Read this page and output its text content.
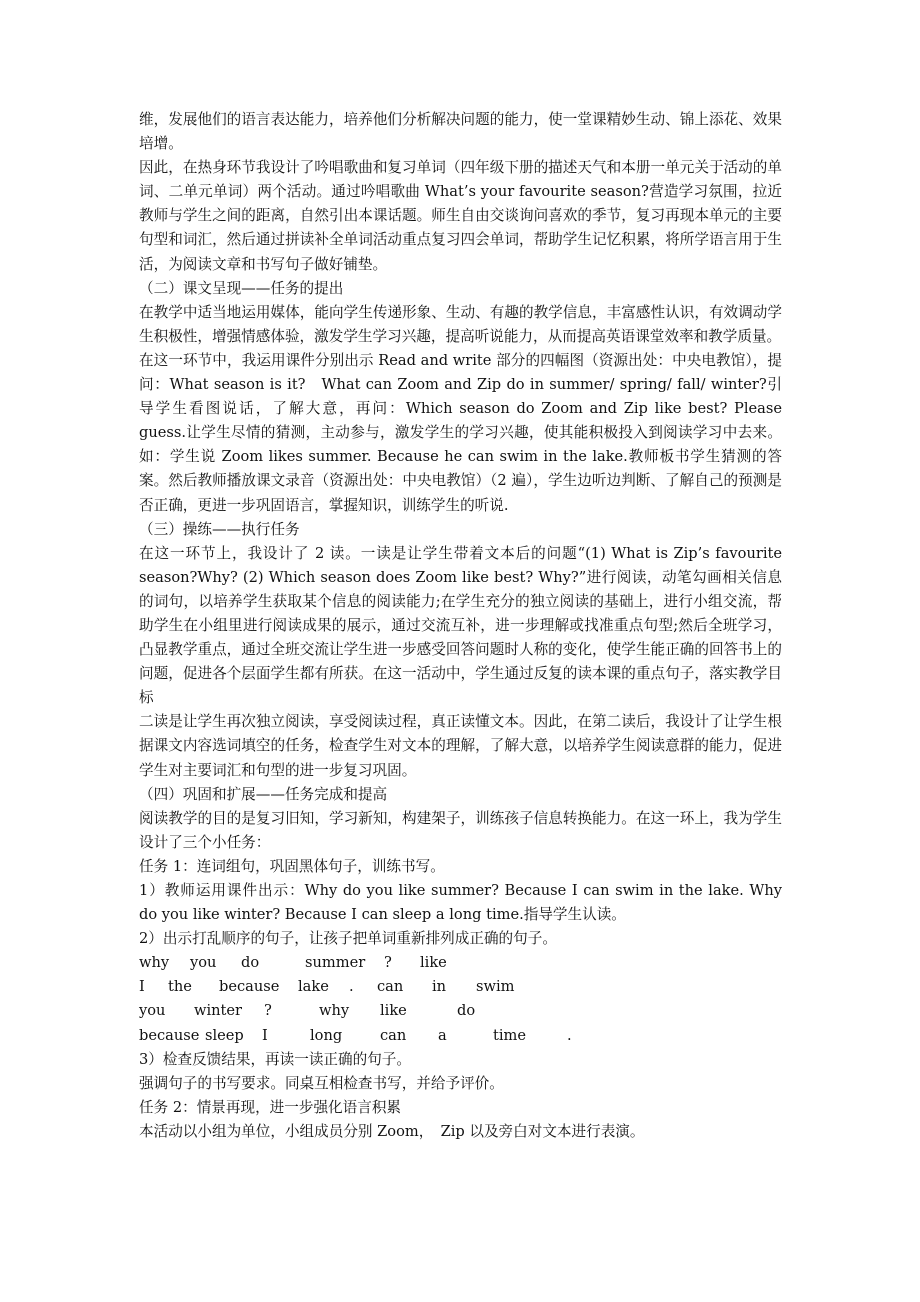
维，发展他们的语言表达能力，培养他们分析解决问题的能力，使一堂课精妙生动、锦上添花、效果培增。

因此，在热身环节我设计了吟唱歌曲和复习单词（四年级下册的描述天气和本册一单元关于活动的单词、二单元单词）两个活动。通过吟唱歌曲 What’s your favourite season?营造学习氛围，拉近教师与学生之间的距离，自然引出本课话题。师生自由交谈询问喜欢的季节，复习再现本单元的主要句型和词汇，然后通过拼读补全单词活动重点复习四会单词，帮助学生记忆积累，将所学语言用于生活，为阅读文章和书写句子做好铺垫。

（二）课文呈现——任务的提出

在教学中适当地运用媒体，能向学生传递形象、生动、有趣的教学信息，丰富感性认识，有效调动学生积极性，增强情感体验，激发学生学习兴趣，提高听说能力，从而提高英语课堂效率和教学质量。

在这一环节中，我运用课件分别出示 Read and write 部分的四幅图（资源出处：中央电教馆），提问：What season is it?　What can Zoom and Zip do in summer/ spring/ fall/ winter?引导学生看图说话，了解大意，再问：Which season do Zoom and Zip like best? Please guess.让学生尽情的猜测，主动参与，激发学生的学习兴趣，使其能积极投入到阅读学习中去来。如：学生说 Zoom likes summer. Because he can swim in the lake.教师板书学生猜测的答案。然后教师播放课文录音（资源出处：中央电教馆）（2 遍），学生边听边判断、了解自己的预测是否正确，更进一步巩固语言，掌握知识，训练学生的听说.

（三）操练——执行任务

在这一环节上，我设计了 2 读。一读是让学生带着文本后的问题“(1) What is Zip’s favourite season?Why? (2) Which season does Zoom like best? Why?”进行阅读，动笔勾画相关信息的词句，以培养学生获取某个信息的阅读能力;在学生充分的独立阅读的基础上，进行小组交流，帮助学生在小组里进行阅读成果的展示，通过交流互补，进一步理解或找准重点句型;然后全班学习，凸显教学重点，通过全班交流让学生进一步感受回答问题时人称的变化，使学生能正确的回答书上的问题，促进各个层面学生都有所获。在这一活动中，学生通过反复的读本课的重点句子，落实教学目标

二读是让学生再次独立阅读，享受阅读过程，真正读懂文本。因此，在第二读后，我设计了让学生根据课文内容选词填空的任务，检查学生对文本的理解，了解大意，以培养学生阅读意群的能力，促进学生对主要词汇和句型的进一步复习巩固。

（四）巩固和扩展——任务完成和提高

阅读教学的目的是复习旧知，学习新知，构建架子，训练孩子信息转换能力。在这一环上，我为学生设计了三个小任务：

任务 1：连词组句，巩固黑体句子，训练书写。

1）教师运用课件出示：Why do you like summer? Because I can swim in the lake. Why do you like winter? Because I can sleep a long time.指导学生认读。

2）出示打乱顺序的句子，让孩子把单词重新排列成正确的句子。

why	you	do	summer	?	like
I	the	because	lake	.	can	in	swim
you	winter	?	why	like	do
because sleep	I	long	can	a	time	.

3）检查反馈结果，再读一读正确的句子。

强调句子的书写要求。同桌互相检查书写，并给予评价。

任务 2：情景再现，进一步强化语言积累

本活动以小组为单位，小组成员分别 Zoom，　Zip 以及旁白对文本进行表演。
